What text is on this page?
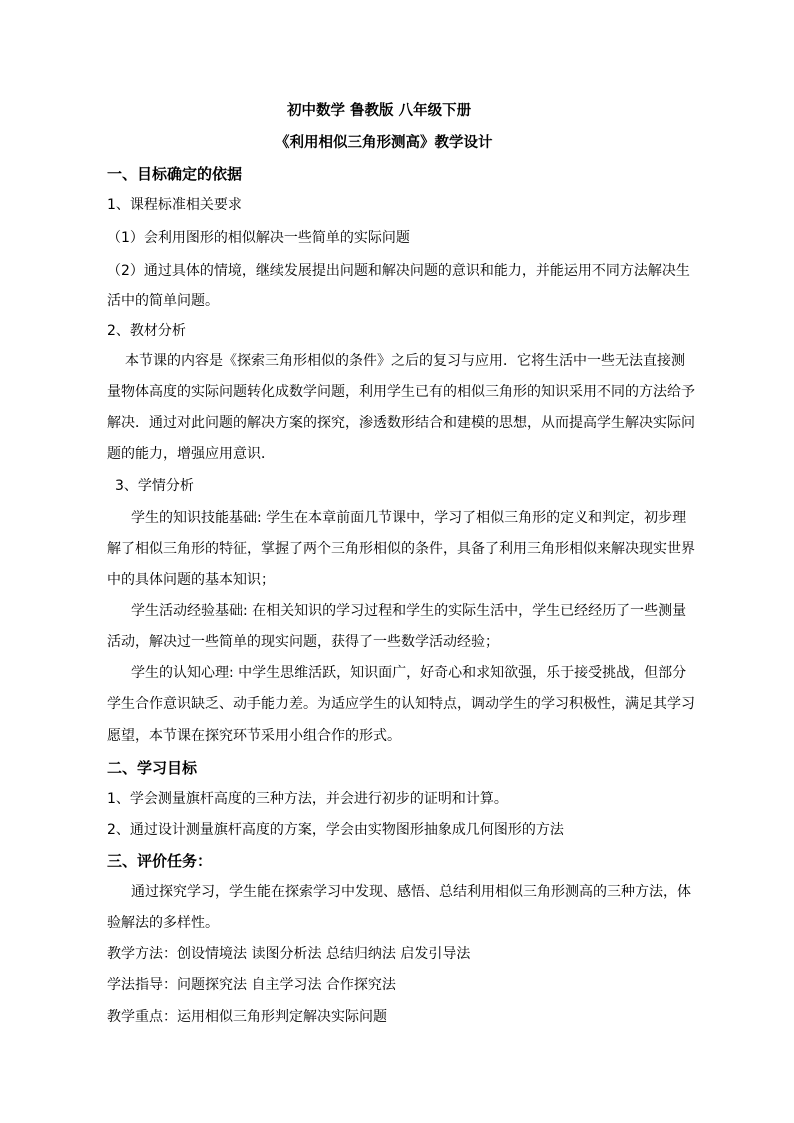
初中数学 鲁教版 八年级下册

《利用相似三角形测高》教学设计

一、目标确定的依据

1、课程标准相关要求

（1）会利用图形的相似解决一些简单的实际问题

（2）通过具体的情境，继续发展提出问题和解决问题的意识和能力，并能运用不同方法解决生

活中的简单问题。

2、教材分析

本节课的内容是《探索三角形相似的条件》之后的复习与应用．它将生活中一些无法直接测

量物体高度的实际问题转化成数学问题，利用学生已有的相似三角形的知识采用不同的方法给予

解决．通过对此问题的解决方案的探究，渗透数形结合和建模的思想，从而提高学生解决实际问

题的能力，增强应用意识．

3、学情分析

学生的知识技能基础: 学生在本章前面几节课中，学习了相似三角形的定义和判定，初步理

解了相似三角形的特征，掌握了两个三角形相似的条件，具备了利用三角形相似来解决现实世界

中的具体问题的基本知识；

学生活动经验基础: 在相关知识的学习过程和学生的实际生活中，学生已经经历了一些测量

活动，解决过一些简单的现实问题，获得了一些数学活动经验；

学生的认知心理: 中学生思维活跃，知识面广，好奇心和求知欲强，乐于接受挑战，但部分

学生合作意识缺乏、动手能力差。为适应学生的认知特点，调动学生的学习积极性，满足其学习

愿望，本节课在探究环节采用小组合作的形式。

二、学习目标

1、学会测量旗杆高度的三种方法，并会进行初步的证明和计算。

2、通过设计测量旗杆高度的方案，学会由实物图形抽象成几何图形的方法

三、评价任务：

通过探究学习，学生能在探索学习中发现、感悟、总结利用相似三角形测高的三种方法，体

验解法的多样性。

教学方法：创设情境法 读图分析法 总结归纳法 启发引导法

学法指导：问题探究法 自主学习法 合作探究法

教学重点：运用相似三角形判定解决实际问题
